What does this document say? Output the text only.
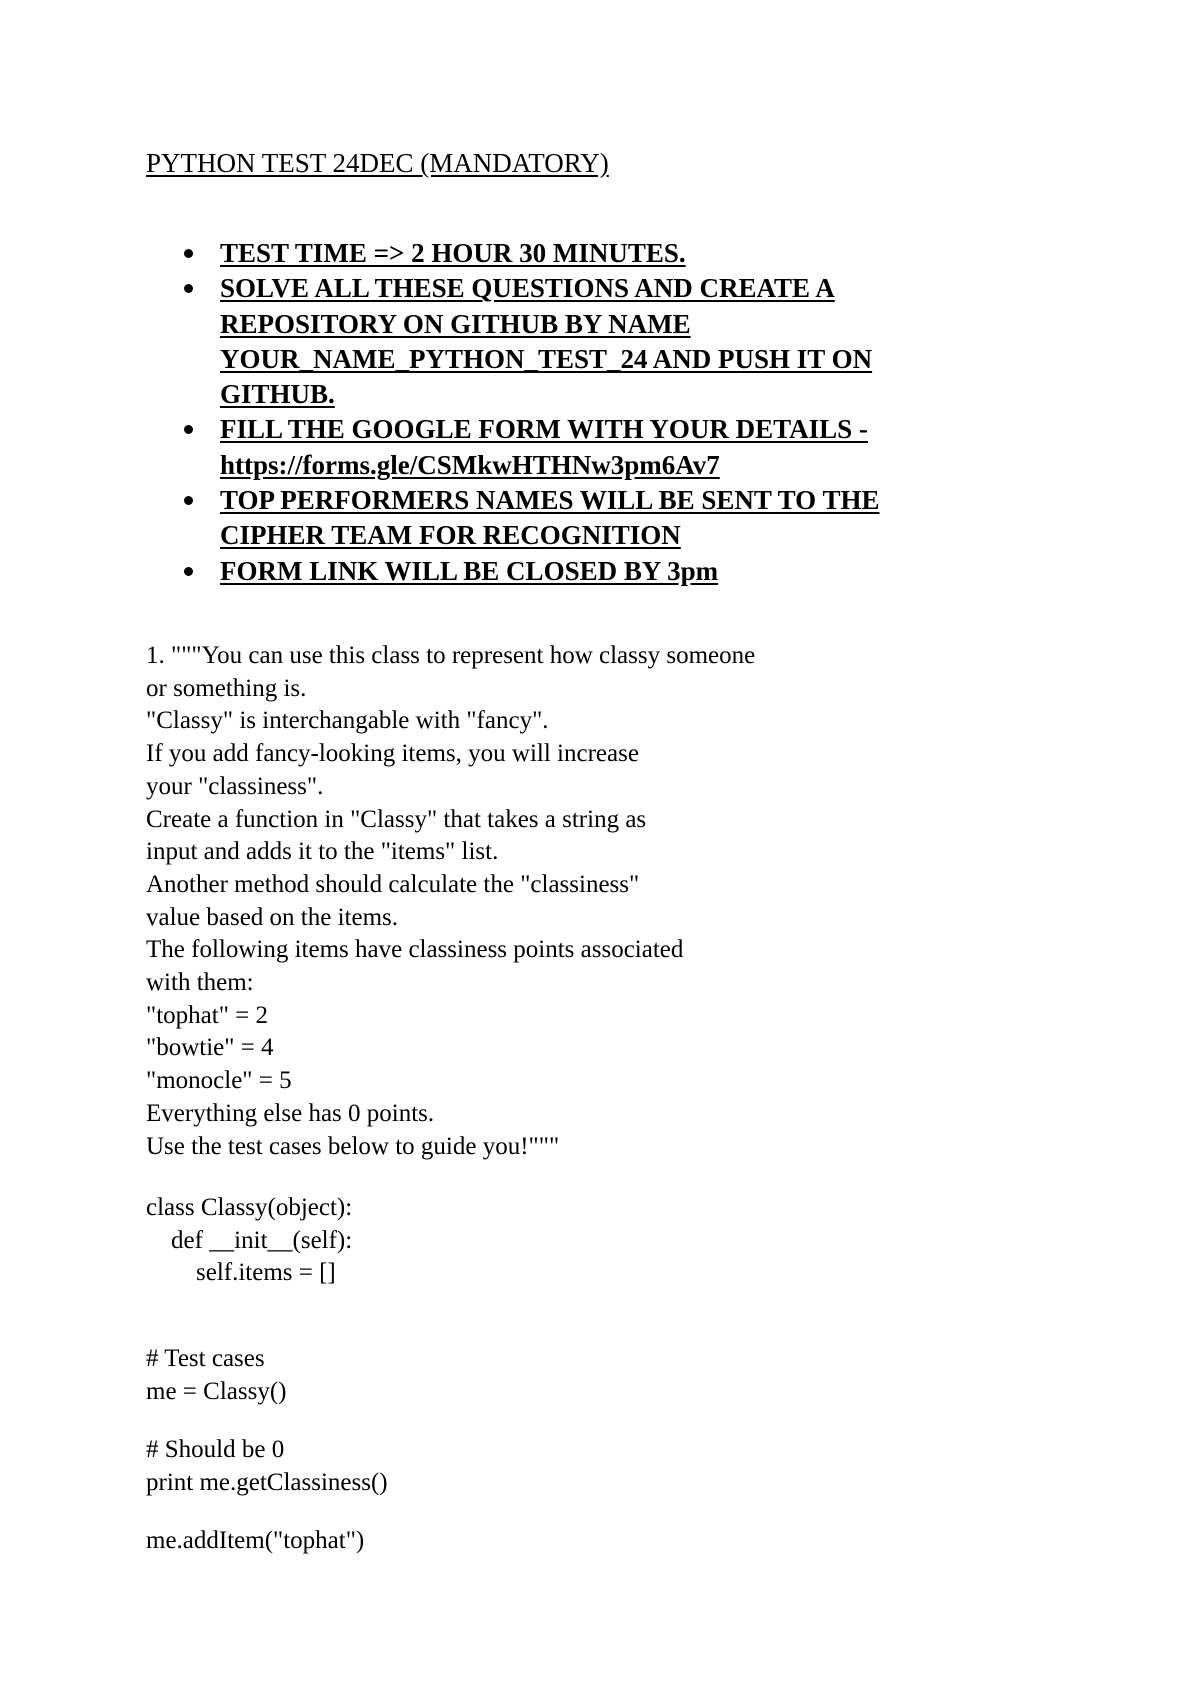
PYTHON TEST 24DEC (MANDATORY)
TEST TIME => 2 HOUR 30 MINUTES.
SOLVE ALL THESE QUESTIONS AND CREATE A
REPOSITORY ON GITHUB BY NAME
YOUR_NAME_PYTHON_TEST_24 AND PUSH IT ON
GITHUB.
FILL THE GOOGLE FORM WITH YOUR DETAILS -
https://forms.gle/CSMkwHTHNw3pm6Av7
TOP PERFORMERS NAMES WILL BE SENT TO THE
CIPHER TEAM FOR RECOGNITION
FORM LINK WILL BE CLOSED BY 3pm
1. """You can use this class to represent how classy someone
or something is.
"Classy" is interchangable with "fancy".
If you add fancy-looking items, you will increase
your "classiness".
Create a function in "Classy" that takes a string as
input and adds it to the "items" list.
Another method should calculate the "classiness"
value based on the items.
The following items have classiness points associated
with them:
"tophat" = 2
"bowtie" = 4
"monocle" = 5
Everything else has 0 points.
Use the test cases below to guide you!"""
class Classy(object):
def __init__(self):
self.items = []
# Test cases
me = Classy()
# Should be 0
print me.getClassiness()
me.addItem("tophat")
